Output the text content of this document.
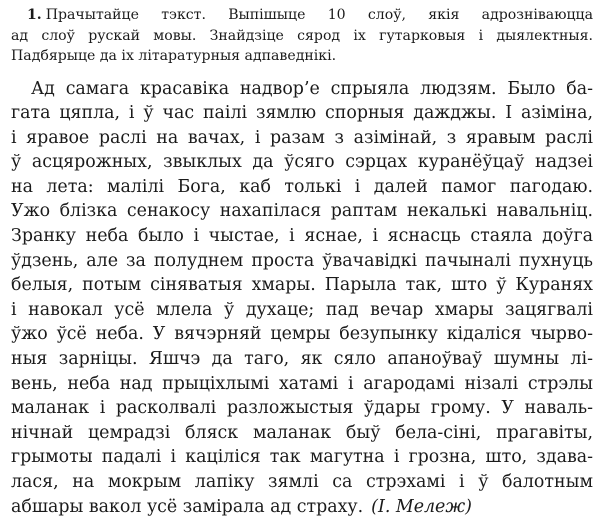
1. Прачытайце тэкст. Выпішыце 10 слоў, якія адрозніваюцца
ад слоў рускай мовы. Знайдзіце сярод іх гутарковыя і дыялектныя.
Падбярыце да іх літаратурныя адпаведнікі.
Ад самага красавіка надвор’е спрыяла людзям. Было ба-
гата цяпла, і ў час паілі зямлю спорныя дажджы. І азіміна,
і яравое раслі на вачах, і разам з азімінай, з яравым раслі
ў асцярожных, звыклых да ўсяго сэрцах куранёўцаў надзеі
на лета: малілі Бога, каб толькі і далей памог пагодаю.
Ужо блізка сенакосу нахапілася раптам некалькі навальніц.
Зранку неба было і чыстае, і яснае, і яснасць стаяла доўга
ўдзень, але за полуднем проста ўвачавідкі пачыналі пухнуць
белыя, потым сіняватыя хмары. Парыла так, што ў Куранях
і навокал усё млела ў духаце; пад вечар хмары зацягвалі
ўжо ўсё неба. У вячэрняй цемры безупынку кідаліся чырво-
ныя зарніцы. Яшчэ да таго, як сяло апаноўваў шумны лі-
вень, неба над прыціхлымі хатамі і агародамі нізалі стрэлы
маланак і расколвалі разложыстыя ўдары грому. У наваль-
нічнай цемрадзі бляск маланак быў бела-сіні, прагавіты,
грымоты падалі і каціліся так магутна і грозна, што, здава-
лася, на мокрым лапіку зямлі са стрэхамі і ў балотным
абшары вакол усё замірала ад страху. (І. Мележ)
